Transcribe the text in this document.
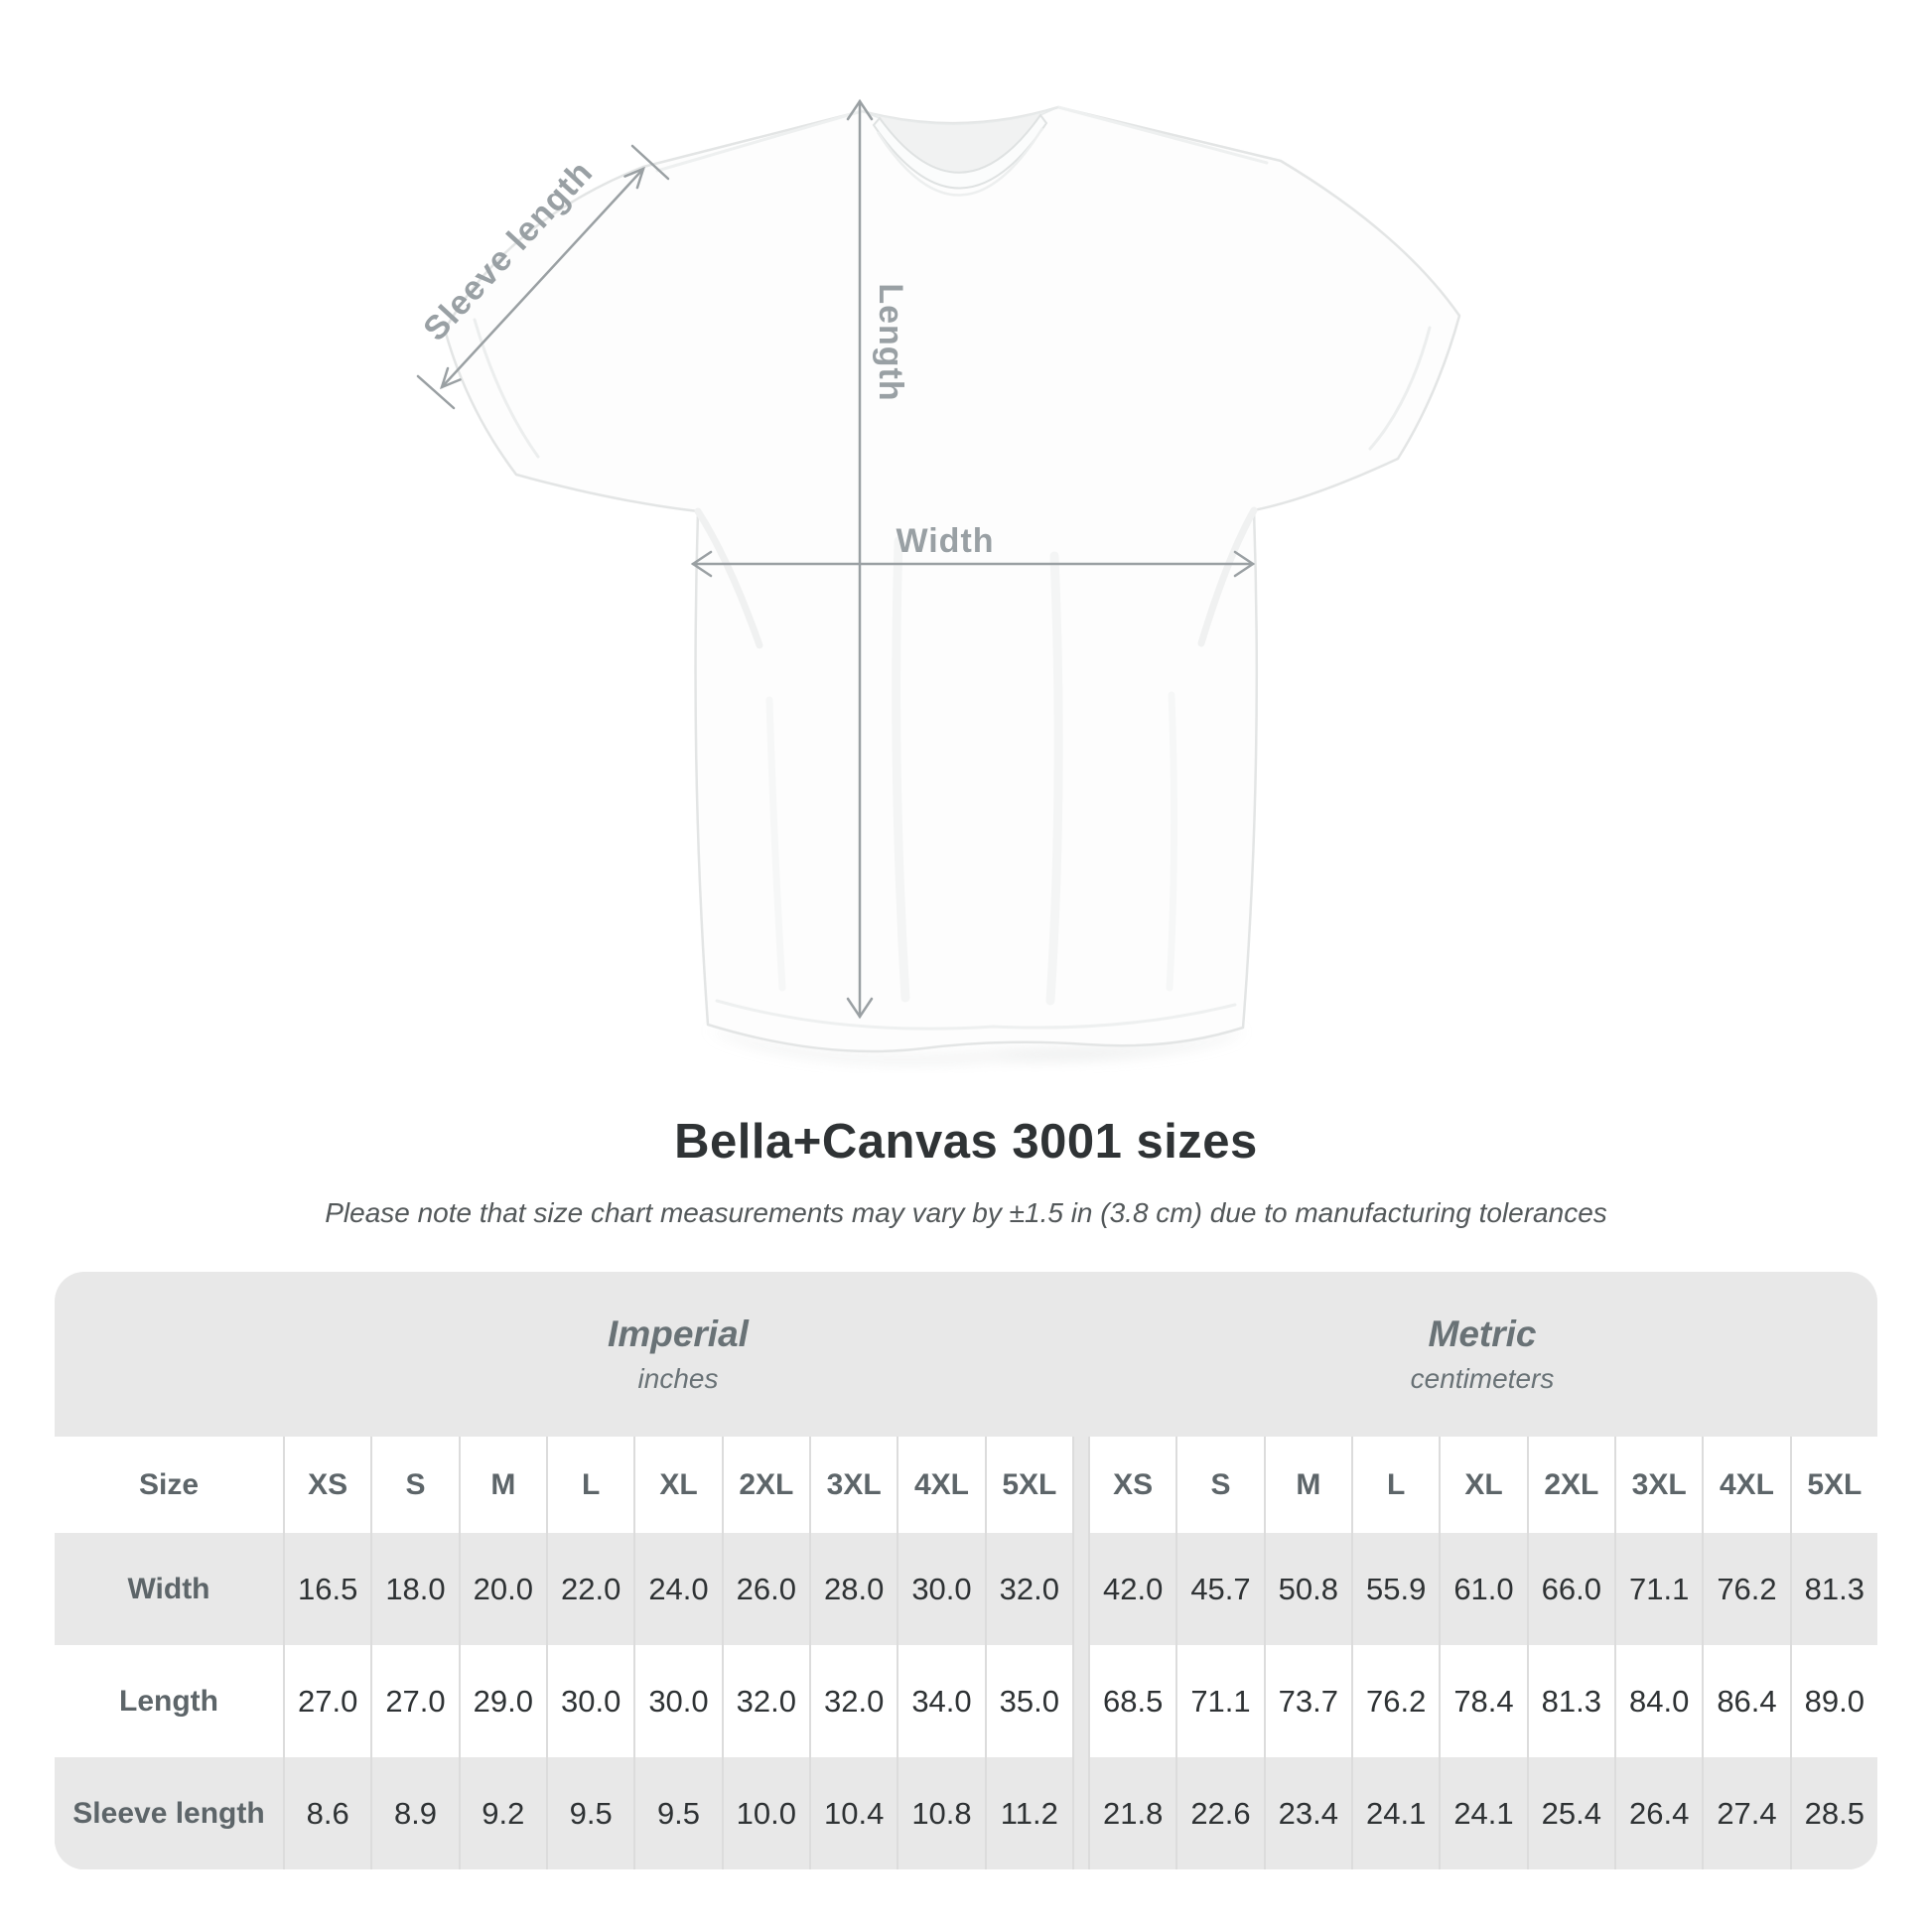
Sleeve length	Length
Width
Bella+Canvas 3001 sizes

Please note that size chart measurements may vary by ±1.5 in (3.8 cm) due to manufacturing tolerances

Imperial
inches
Metric
centimeters
Size	XS	S	M	L	XL	2XL	3XL	4XL	5XL	XS	S	M	L	XL	2XL	3XL	4XL	5XL
Width	16.5 18.0 20.0 22.0 24.0 26.0 28.0 30.0 32.0	42.0 45.7 50.8 55.9 61.0 66.0 71.1 76.2 81.3
Length	27.0 27.0 29.0 30.0 30.0 32.0 32.0 34.0 35.0	68.5 71.1 73.7 76.2 78.4 81.3 84.0 86.4 89.0
Sleeve length	8.6	8.9	9.2	9.5	9.5	10.0 10.4 10.8 11.2	21.8 22.6 23.4 24.1 24.1 25.4 26.4 27.4 28.5
